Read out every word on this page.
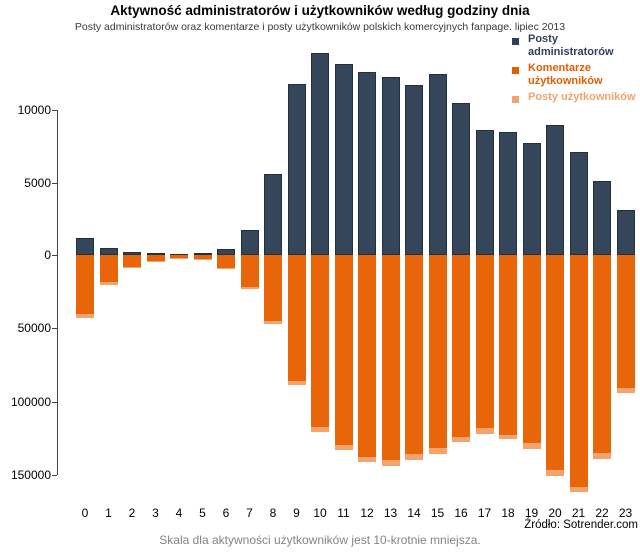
Aktywność administratorów i użytkowników według godziny dnia
Posty administratorów oraz komentarze i posty użytkowników polskich komercyjnych fanpage. lipiec 2013
Posty administratorów
Komentarze użytkowników
Posty użytkowników
0
5000
10000
50000
100000
150000
0	1	2	3	4	5	6	7	8	9	10 11 12 13 14 15 16 17 18 19 20 21 22 23
Źródło: Sotrender.com
Skala dla aktywności użytkowników jest 10-krotnie mniejsza.
